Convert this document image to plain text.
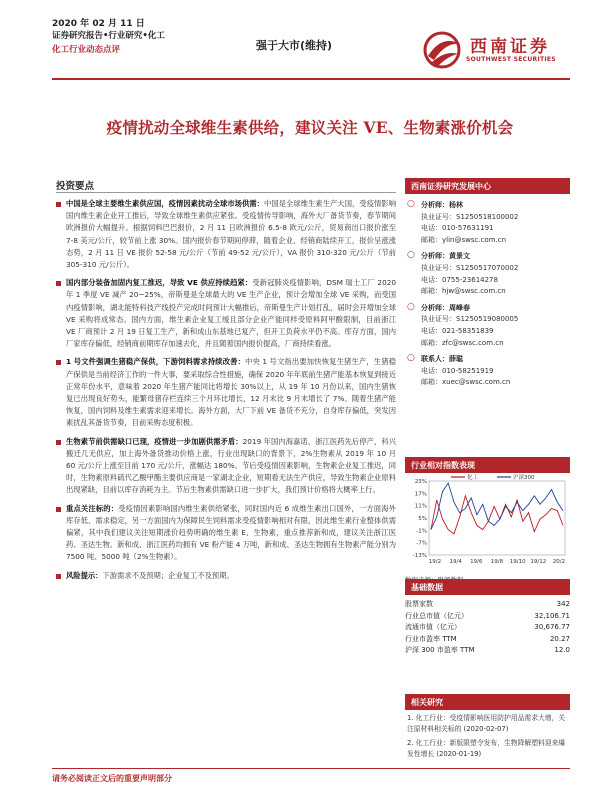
2020 年 02 月 11 日
证券研究报告•行业研究•化工
化工行业动态点评	强于大市(维持)	西南证券
SOUTHWEST SECURITIES
疫情扰动全球维生素供给，建议关注 VE、生物素涨价机会
投资要点
中国是全球主要维生素供应国，疫情因素扰动全球市场供需：中国是全球维生素生产大国，受疫情影响国内维生素企业开工推后，导致全球维生素供应紧张。受疫情传导影响，海外大厂备货节奏，春节期间欧洲报价大幅提升。根据饲料巴巴报价，2 月 11 日欧洲报价 6.5-8 欧元/公斤，贸易商出口报价涨至 7-8 美元/公斤，较节前上涨 30%。国内报价春节期间停滞，随着企业、经销商陆续开工，报价呈涨涨态势，2 月 11 日 VE 报价 52-58 元/公斤（节前 49-52 元/公斤），VA 报价 310-320 元/公斤（节前 305-310 元/公斤）。
国内部分装备加固内复工推迟，导致 VE 供应持续趋紧：受新冠肺炎疫情影响，DSM 瑞士工厂 2020 年 1 季度 VE 减产 20~25%，帝斯曼是全球最大的 VE 生产企业，预计会增加全球 VE 采购，而受国内疫情影响，湖北能特科技产线投产完成时间预计大幅推后，帝斯曼生产计划打乱，届时会开增加全球 VE 采购将成常态。国内方面，维生素企业复工缓且部分企业产能同样受原料阿甲酸限制，目前浙江 VE 厂商预计 2 月 19 日复工生产，新和成山东基地已复产，但开工负荷水平仍不高。库存方面，国内厂家库存偏低，经销商前期库存加速去化，并且随着国内报价提高，厂商持续看涨。
1 号文件强调生猪稳产保供，下游饲料需求持续改善：中央 1 号文指出要加快恢复生猪生产，生猪稳产保供是当前经济工作的一件大事，要采取综合性措施，确保 2020 年年底前生猪产能基本恢复到接近正常年份水平，意味着 2020 年生猪产能同比将增长 30%以上，从 19 年 10 月份以来，国内生猪恢复已出现良好势头，能繁母猪存栏连续三个月环比增长，12 月末比 9 月末增长了 7%。随着生猪产能恢复，国内饲料及维生素需求迎来增长。海外方面，大厂下前 VE 备货不充分，自身库存偏低，突发因素扰乱其备货节奏，目前采购态度积极。
生物素节前供需缺口已现，疫情进一步加剧供需矛盾：2019 年国内海嘉诺、浙江医药先后停产，科兴搬迁几无供应，加上海外备货推动价格上涨，行业出现缺口的背景下，2%生物素从 2019 年 10 月 60 元/公斤上涨至目前 170 元/公斤，涨幅达 180%。节后受疫情因素影响，生物素企业复工推迟，同时，生物素原料硫代乙酸甲酯主要供应商是一家湖北企业，短期看无法生产供应，导致生物素企业原料出现紧缺，目前以库存消耗为主。节后生物素供需缺口进一步扩大，我们预计价格将大概率上行。
重点关注标的：受疫情因素影响国内维生素供给紧张，同时国内近 6 成维生素出口国外，一方面海外库存低、需求稳定，另一方面国内为保障民生饲料需求受疫情影响相对有限，因此维生素行业整体供需偏紧，其中我们建议关注短期涨价趋势明确的维生素 E、生物素，重点推荐新和成，建议关注浙江医药、圣达生物。新和成、浙江医药均拥有 VE 粉产能 4 万吨，新和成、圣达生物拥有生物素产能分别为 7500 吨、5000 吨（2%生物素）。
风险提示：下游需求不及预期；企业复工不及预期。
西南证券研究发展中心
○ 分析师：杨林
执业证号：S1250518100002
电话：010-57631191
邮箱：ylin@swsc.com.cn
○ 分析师：黄景文
执业证号：S1250517070002
电话：0755-23614278
邮箱：hjw@swsc.com.cn
○ 分析师：周峰春
执业证号：S1250519080005
电话：021-58351839
邮箱：zfc@swsc.com.cn
○ 联系人：薛聪
电话：010-58251919
邮箱：xuec@swsc.com.cn
行业相对指数表现
23%
17%
11%
5%
-1%
-7%
-13%
19/2 19/4 19/6 19/8 19/10 19/12 20/2
化工	沪深300
基础数据
股票家数	342
行业总市值（亿元）	32,106.71
流通市值（亿元）	30,676.77
行业市盈率 TTM	20.27
沪深 300 市盈率 TTM	12.0
相关研究
1. 化工行业：受疫情影响医用防护用品需求大增，关注原材料相关标的 (2020-02-07)
2. 化工行业：新版限塑令发布，生物降解塑料迎来爆发性增长 (2020-01-19)
请务必阅读正文后的重要声明部分
